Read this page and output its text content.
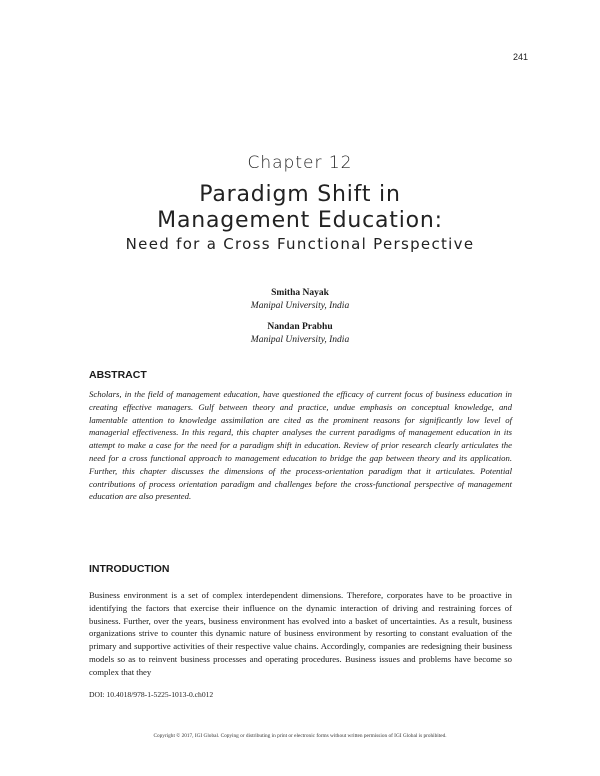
241
Chapter 12
Paradigm Shift in
Management Education:
Need for a Cross Functional Perspective
Smitha Nayak
Manipal University, India
Nandan Prabhu
Manipal University, India
ABSTRACT
Scholars, in the field of management education, have questioned the efficacy of current focus of business education in creating effective managers. Gulf between theory and practice, undue emphasis on conceptual knowledge, and lamentable attention to knowledge assimilation are cited as the prominent reasons for significantly low level of managerial effectiveness. In this regard, this chapter analyses the current paradigms of management education in its attempt to make a case for the need for a paradigm shift in education. Review of prior research clearly articulates the need for a cross functional approach to management education to bridge the gap between theory and its application. Further, this chapter discusses the dimensions of the process-orientation paradigm that it articulates. Potential contributions of process orientation paradigm and challenges before the cross-functional perspective of management education are also presented.
INTRODUCTION
Business environment is a set of complex interdependent dimensions. Therefore, corporates have to be proactive in identifying the factors that exercise their influence on the dynamic interaction of driving and restraining forces of business. Further, over the years, business environment has evolved into a basket of uncertainties. As a result, business organizations strive to counter this dynamic nature of business environment by resorting to constant evaluation of the primary and supportive activities of their respective value chains. Accordingly, companies are redesigning their business models so as to reinvent business processes and operating procedures. Business issues and problems have become so complex that they
DOI: 10.4018/978-1-5225-1013-0.ch012
Copyright © 2017, IGI Global. Copying or distributing in print or electronic forms without written permission of IGI Global is prohibited.
